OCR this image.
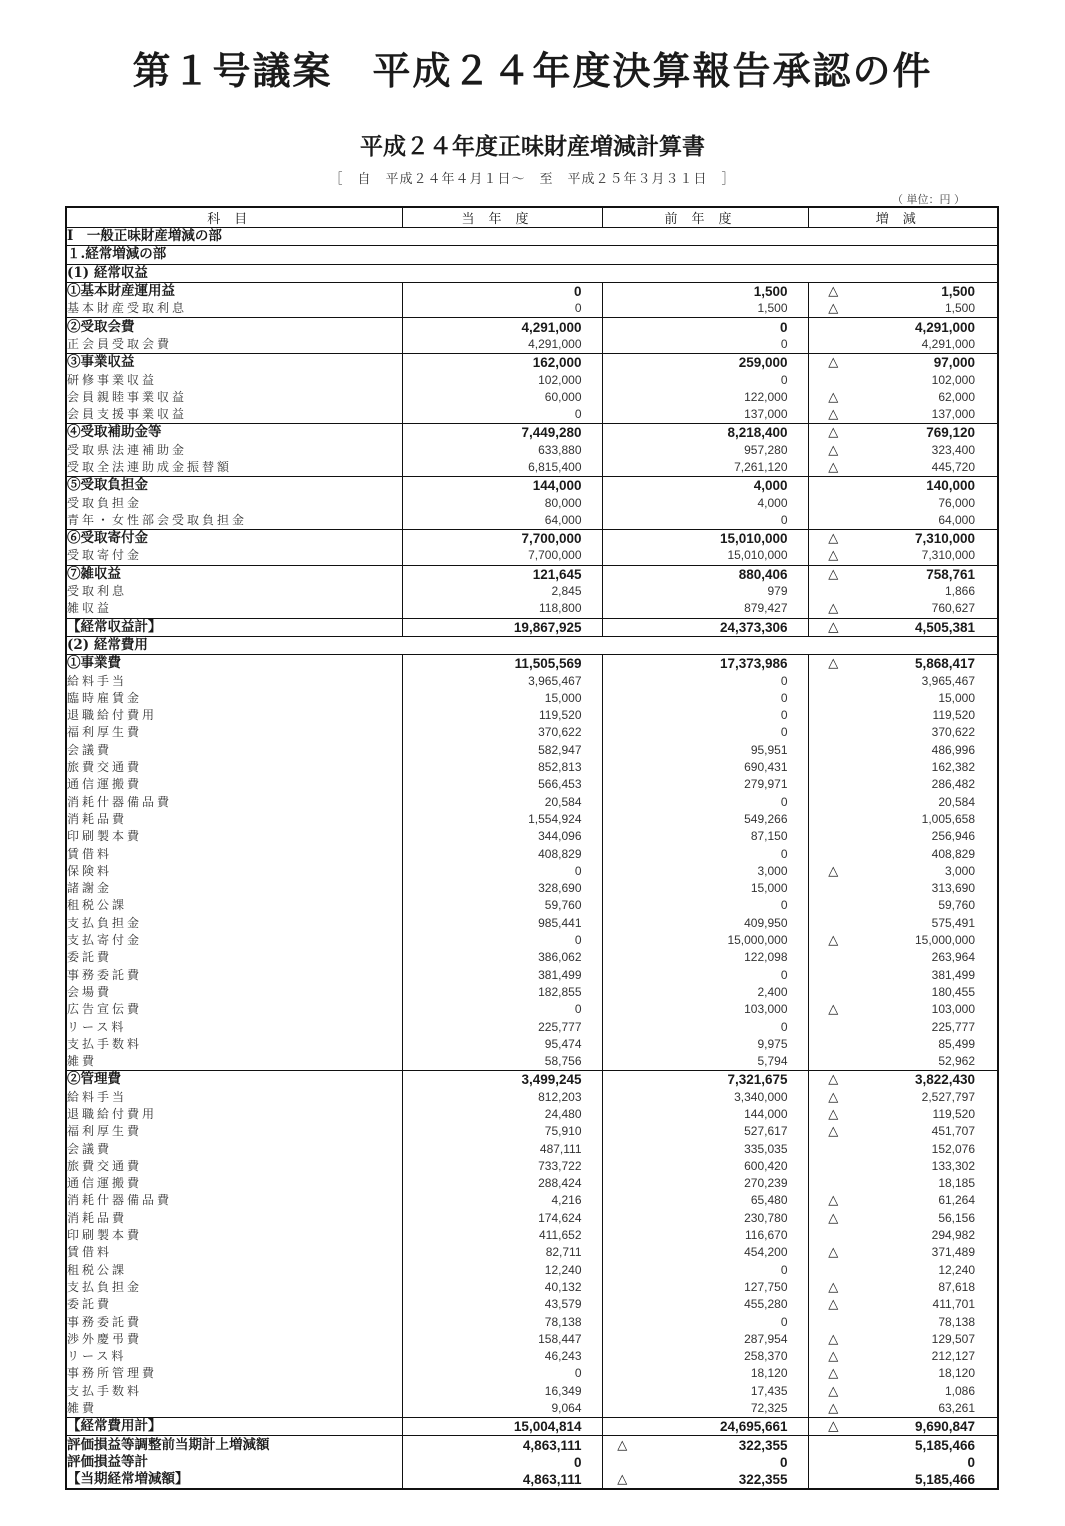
第１号議案　平成２４年度決算報告承認の件
平成２４年度正味財産増減計算書
［　自　平成２４年４月１日～　至　平成２５年３月３１日　］
（ 単位：円 ）
科目	当年度	前年度		増減	
Ⅰ　一般正味財産増減の部					
１.経常増減の部					
(1) 経常収益					
①基本財産運用益	0		1,500	△	1,500
基本財産受取利息	0		1,500	△	1,500
②受取会費	4,291,000		0		4,291,000
正会員受取会費	4,291,000		0		4,291,000
③事業収益	162,000		259,000	△	97,000
研修事業収益	102,000		0		102,000
会員親睦事業収益	60,000		122,000	△	62,000
会員支援事業収益	0		137,000	△	137,000
④受取補助金等	7,449,280		8,218,400	△	769,120
受取県法連補助金	633,880		957,280	△	323,400
受取全法連助成金振替額	6,815,400		7,261,120	△	445,720
⑤受取負担金	144,000		4,000		140,000
受取負担金	80,000		4,000		76,000
青年・女性部会受取負担金	64,000		0		64,000
⑥受取寄付金	7,700,000		15,010,000	△	7,310,000
受取寄付金	7,700,000		15,010,000	△	7,310,000
⑦雑収益	121,645		880,406	△	758,761
受取利息	2,845		979		1,866
雑収益	118,800		879,427	△	760,627
【経常収益計】	19,867,925		24,373,306	△	4,505,381
(2) 経常費用					
①事業費	11,505,569		17,373,986	△	5,868,417
給料手当	3,965,467		0		3,965,467
臨時雇賃金	15,000		0		15,000
退職給付費用	119,520		0		119,520
福利厚生費	370,622		0		370,622
会議費	582,947		95,951		486,996
旅費交通費	852,813		690,431		162,382
通信運搬費	566,453		279,971		286,482
消耗什器備品費	20,584		0		20,584
消耗品費	1,554,924		549,266		1,005,658
印刷製本費	344,096		87,150		256,946
賃借料	408,829		0		408,829
保険料	0		3,000	△	3,000
諸謝金	328,690		15,000		313,690
租税公課	59,760		0		59,760
支払負担金	985,441		409,950		575,491
支払寄付金	0		15,000,000	△	15,000,000
委託費	386,062		122,098		263,964
事務委託費	381,499		0		381,499
会場費	182,855		2,400		180,455
広告宣伝費	0		103,000	△	103,000
リース料	225,777		0		225,777
支払手数料	95,474		9,975		85,499
雑費	58,756		5,794		52,962
②管理費	3,499,245		7,321,675	△	3,822,430
給料手当	812,203		3,340,000	△	2,527,797
退職給付費用	24,480		144,000	△	119,520
福利厚生費	75,910		527,617	△	451,707
会議費	487,111		335,035		152,076
旅費交通費	733,722		600,420		133,302
通信運搬費	288,424		270,239		18,185
消耗什器備品費	4,216		65,480	△	61,264
消耗品費	174,624		230,780	△	56,156
印刷製本費	411,652		116,670		294,982
賃借料	82,711		454,200	△	371,489
租税公課	12,240		0		12,240
支払負担金	40,132		127,750	△	87,618
委託費	43,579		455,280	△	411,701
事務委託費	78,138		0		78,138
渉外慶弔費	158,447		287,954	△	129,507
リース料	46,243		258,370	△	212,127
事務所管理費	0		18,120	△	18,120
支払手数料	16,349		17,435	△	1,086
雑費	9,064		72,325	△	63,261
【経常費用計】	15,004,814		24,695,661	△	9,690,847
評価損益等調整前当期計上増減額	4,863,111	△	322,355		5,185,466
評価損益等計	0		0		0
【当期経常増減額】	4,863,111	△	322,355		5,185,466
